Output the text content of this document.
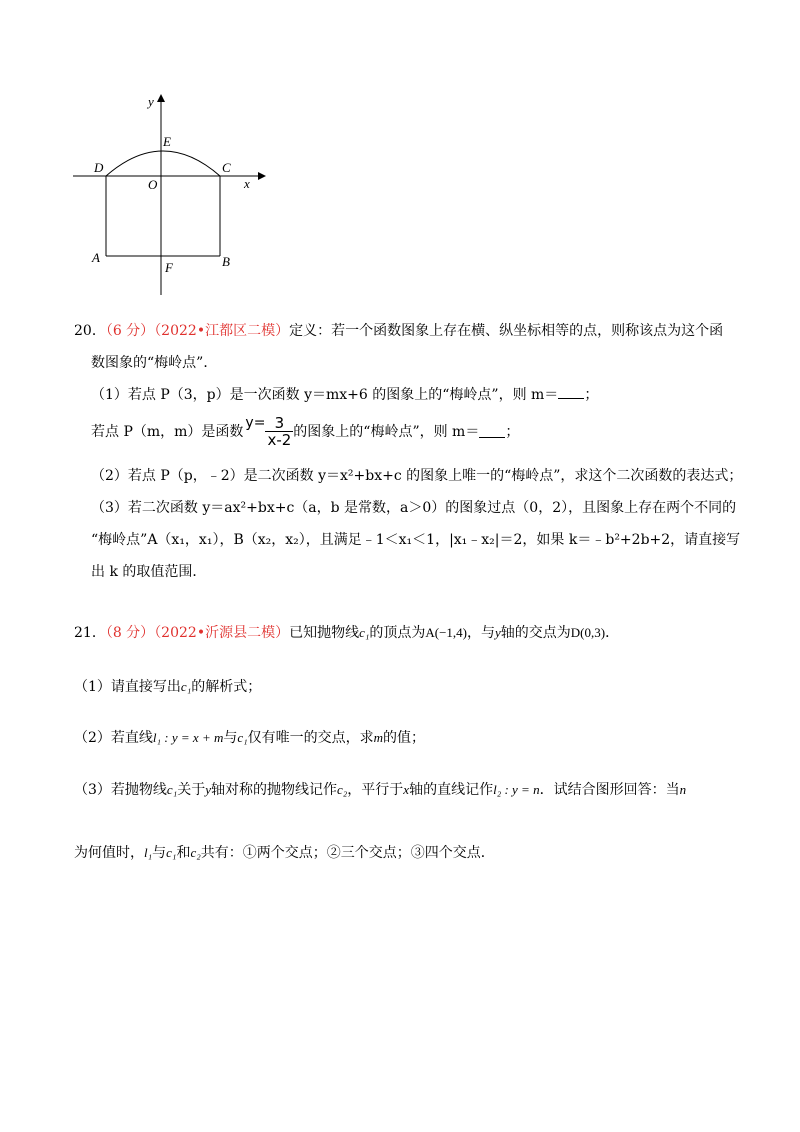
y
x
E
D	C
O
A	B
F
20．（6 分）（2022•江都区二模）定义：若一个函数图象上存在横、纵坐标相等的点，则称该点为这个函
数图象的“梅岭点”．
（1）若点 P（3，p）是一次函数 y＝mx+6 的图象上的“梅岭点”，则 m＝ ；
若点 P（m，m）是函数
$y= \frac{3}{x-2}$ 的图象上的“梅岭点”，则 m＝ ；
（2）若点 P（p，﹣2）是二次函数 y＝x²+bx+c 的图象上唯一的“梅岭点”，求这个二次函数的表达式；
（3）若二次函数 y＝ax²+bx+c（a，b 是常数，a＞0）的图象过点（0，2），且图象上存在两个不同的
“梅岭点”A（x₁，x₁），B（x₂，x₂），且满足﹣1＜x₁＜1，|x₁﹣x₂|＝2，如果 k＝﹣b²+2b+2，请直接写
出 k 的取值范围．
21．（8 分）（2022•沂源县二模）已知抛物线c₁的顶点为A(−1,4)，与y轴的交点为D(0,3)．
（1）请直接写出c₁的解析式；
（2）若直线l₁ : y = x + m与c₁仅有唯一的交点，求m的值；
（3）若抛物线c₁关于y轴对称的抛物线记作c₂，平行于x轴的直线记作l₂ : y = n．试结合图形回答：当n
为何值时，l₁与c₁和c₂共有：①两个交点；②三个交点；③四个交点．
